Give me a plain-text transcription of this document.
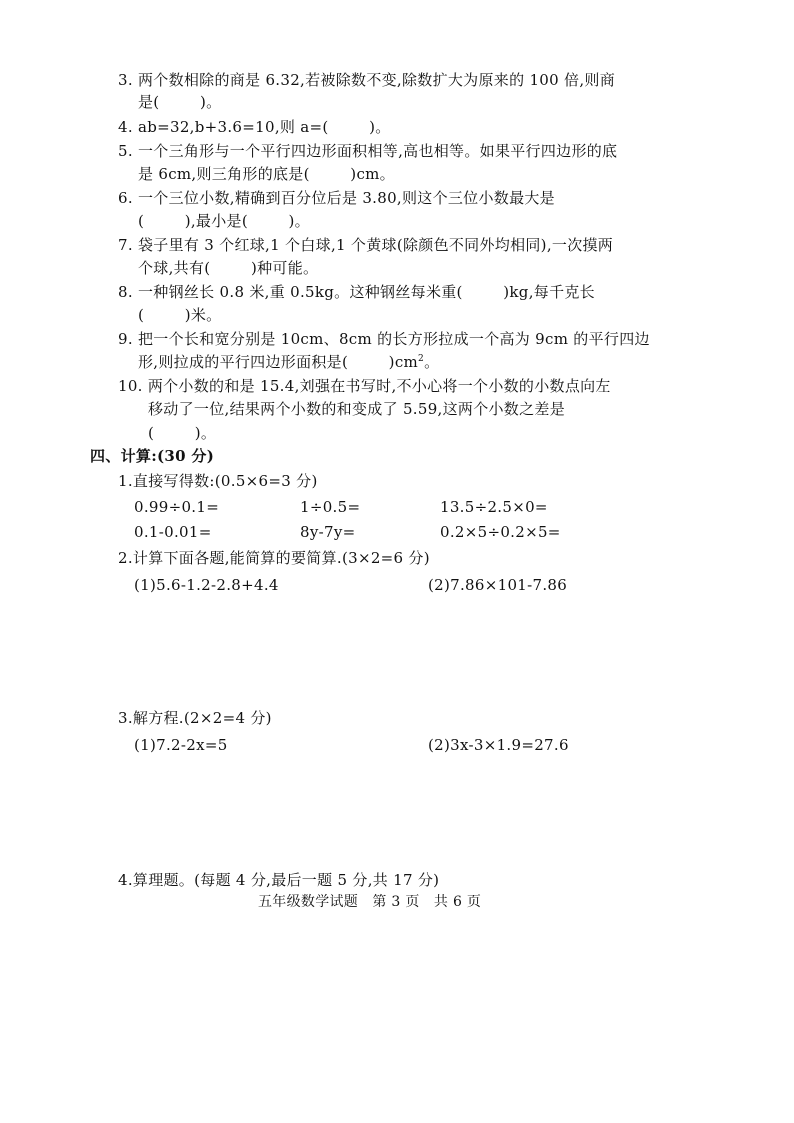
3. 两个数相除的商是 6.32,若被除数不变,除数扩大为原来的 100 倍,则商
是(        )。
4. ab=32,b+3.6=10,则 a=(        )。
5. 一个三角形与一个平行四边形面积相等,高也相等。如果平行四边形的底
是 6cm,则三角形的底是(        )cm。
6. 一个三位小数,精确到百分位后是 3.80,则这个三位小数最大是
(        ),最小是(        )。
7. 袋子里有 3 个红球,1 个白球,1 个黄球(除颜色不同外均相同),一次摸两
个球,共有(        )种可能。
8. 一种钢丝长 0.8 米,重 0.5kg。这种钢丝每米重(        )kg,每千克长
(        )米。
9. 把一个长和宽分别是 10cm、8cm 的长方形拉成一个高为 9cm 的平行四边
形,则拉成的平行四边形面积是(        )$cm^2$。
10. 两个小数的和是 15.4,刘强在书写时,不小心将一个小数的小数点向左
移动了一位,结果两个小数的和变成了 5.59,这两个小数之差是
(        )。
四、计算:(30 分)
1.直接写得数:(0.5×6=3 分)
0.99÷0.1=	1÷0.5=	13.5÷2.5×0=
0.1-0.01=	8y-7y=	0.2×5÷0.2×5=
2.计算下面各题,能简算的要简算.(3×2=6 分)
(1)5.6-1.2-2.8+4.4	(2)7.86×101-7.86
3.解方程.(2×2=4 分)
(1)7.2-2x=5	(2)3x-3×1.9=27.6
4.算理题。(每题 4 分,最后一题 5 分,共 17 分)
五年级数学试题   第 3 页   共 6 页
